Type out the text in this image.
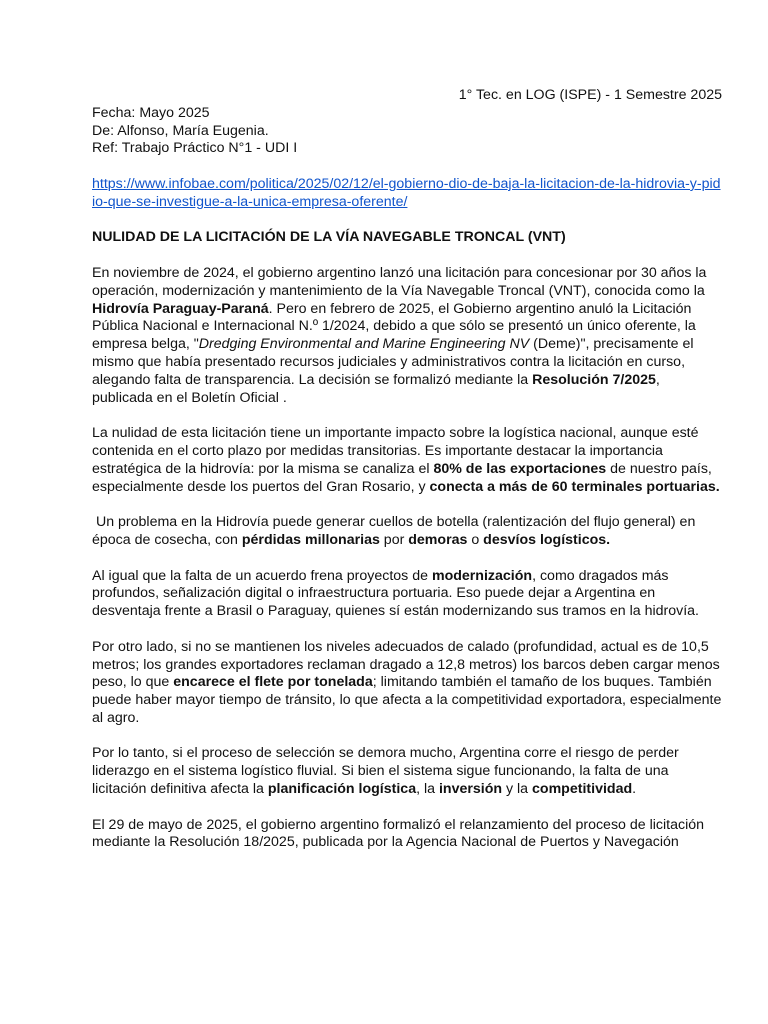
1° Tec. en LOG (ISPE) - 1 Semestre 2025
Fecha: Mayo 2025
De: Alfonso, María Eugenia.
Ref: Trabajo Práctico N°1 - UDI I
https://www.infobae.com/politica/2025/02/12/el-gobierno-dio-de-baja-la-licitacion-de-la-hidrovia-y-pid
io-que-se-investigue-a-la-unica-empresa-oferente/
NULIDAD DE LA LICITACIÓN DE LA VÍA NAVEGABLE TRONCAL (VNT)
En noviembre de 2024, el gobierno argentino lanzó una licitación para concesionar por 30 años la
operación, modernización y mantenimiento de la Vía Navegable Troncal (VNT), conocida como la
Hidrovía Paraguay-Paraná. Pero en febrero de 2025, el Gobierno argentino anuló la Licitación
Pública Nacional e Internacional N.º 1/2024, debido a que sólo se presentó un único oferente, la
empresa belga, "Dredging Environmental and Marine Engineering NV (Deme)", precisamente el
mismo que había presentado recursos judiciales y administrativos contra la licitación en curso,
alegando falta de transparencia. La decisión se formalizó mediante la Resolución 7/2025,
publicada en el Boletín Oficial .
La nulidad de esta licitación tiene un importante impacto sobre la logística nacional, aunque esté
contenida en el corto plazo por medidas transitorias. Es importante destacar la importancia
estratégica de la hidrovía: por la misma se canaliza el 80% de las exportaciones de nuestro país,
especialmente desde los puertos del Gran Rosario, y conecta a más de 60 terminales portuarias.
Un problema en la Hidrovía puede generar cuellos de botella (ralentización del flujo general) en
época de cosecha, con pérdidas millonarias por demoras o desvíos logísticos.
Al igual que la falta de un acuerdo frena proyectos de modernización, como dragados más
profundos, señalización digital o infraestructura portuaria. Eso puede dejar a Argentina en
desventaja frente a Brasil o Paraguay, quienes sí están modernizando sus tramos en la hidrovía.
Por otro lado, si no se mantienen los niveles adecuados de calado (profundidad, actual es de 10,5
metros; los grandes exportadores reclaman dragado a 12,8 metros) los barcos deben cargar menos
peso, lo que encarece el flete por tonelada; limitando también el tamaño de los buques. También
puede haber mayor tiempo de tránsito, lo que afecta a la competitividad exportadora, especialmente
al agro.
Por lo tanto, si el proceso de selección se demora mucho, Argentina corre el riesgo de perder
liderazgo en el sistema logístico fluvial. Si bien el sistema sigue funcionando, la falta de una
licitación definitiva afecta la planificación logística, la inversión y la competitividad.
El 29 de mayo de 2025, el gobierno argentino formalizó el relanzamiento del proceso de licitación
mediante la Resolución 18/2025, publicada por la Agencia Nacional de Puertos y Navegación
